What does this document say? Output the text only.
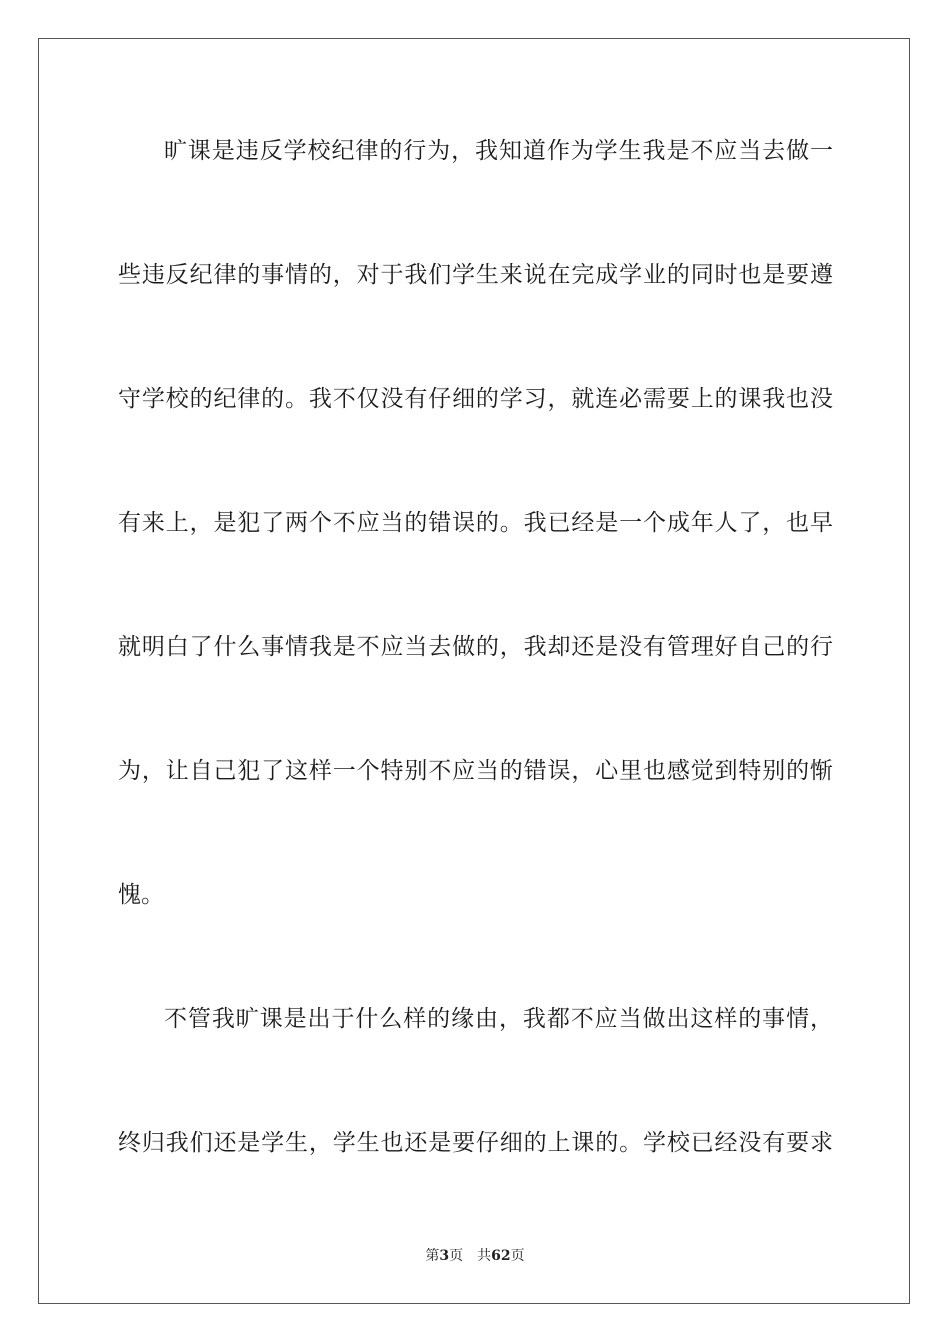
旷课是违反学校纪律的行为，我知道作为学生我是不应当去做一
些违反纪律的事情的，对于我们学生来说在完成学业的同时也是要遵
守学校的纪律的。我不仅没有仔细的学习，就连必需要上的课我也没
有来上，是犯了两个不应当的错误的。我已经是一个成年人了，也早
就明白了什么事情我是不应当去做的，我却还是没有管理好自己的行
为，让自己犯了这样一个特别不应当的错误，心里也感觉到特别的惭
愧。
不管我旷课是出于什么样的缘由，我都不应当做出这样的事情，
终归我们还是学生，学生也还是要仔细的上课的。学校已经没有要求
第3页 共62页
